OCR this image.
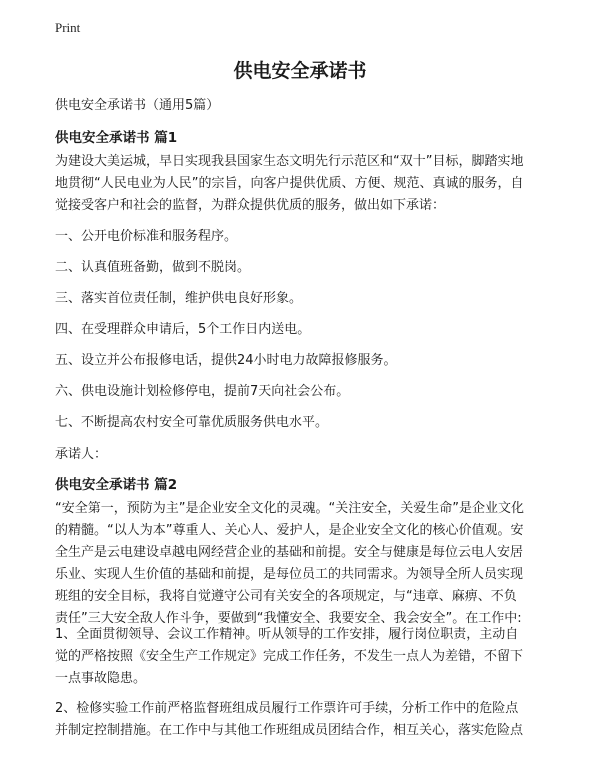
Print
供电安全承诺书

供电安全承诺书（通用5篇）

供电安全承诺书 篇1
为建设大美运城，早日实现我县国家生态文明先行示范区和“双十”目标，脚踏实地
地贯彻“人民电业为人民”的宗旨，向客户提供优质、方便、规范、真诚的服务，自
觉接受客户和社会的监督，为群众提供优质的服务，做出如下承诺：

一、公开电价标准和服务程序。

二、认真值班备勤，做到不脱岗。

三、落实首位责任制，维护供电良好形象。

四、在受理群众申请后，5个工作日内送电。

五、设立并公布报修电话，提供24小时电力故障报修服务。

六、供电设施计划检修停电，提前7天向社会公布。

七、不断提高农村安全可靠优质服务供电水平。

承诺人：

供电安全承诺书 篇2
“安全第一，预防为主”是企业安全文化的灵魂。“关注安全，关爱生命”是企业文化
的精髓。“以人为本”尊重人、关心人、爱护人，是企业安全文化的核心价值观。安
全生产是云电建设卓越电网经营企业的基础和前提。安全与健康是每位云电人安居
乐业、实现人生价值的基础和前提，是每位员工的共同需求。为领导全所人员实现
班组的安全目标，我将自觉遵守公司有关安全的各项规定，与“违章、麻痹、不负
责任”三大安全敌人作斗争，要做到“我懂安全、我要安全、我会安全”。在工作中:
1、全面贯彻领导、会议工作精神。听从领导的工作安排，履行岗位职责，主动自
觉的严格按照《安全生产工作规定》完成工作任务，不发生一点人为差错，不留下
一点事故隐患。
2、检修实验工作前严格监督班组成员履行工作票许可手续，分析工作中的危险点
并制定控制措施。在工作中与其他工作班组成员团结合作，相互关心，落实危险点
